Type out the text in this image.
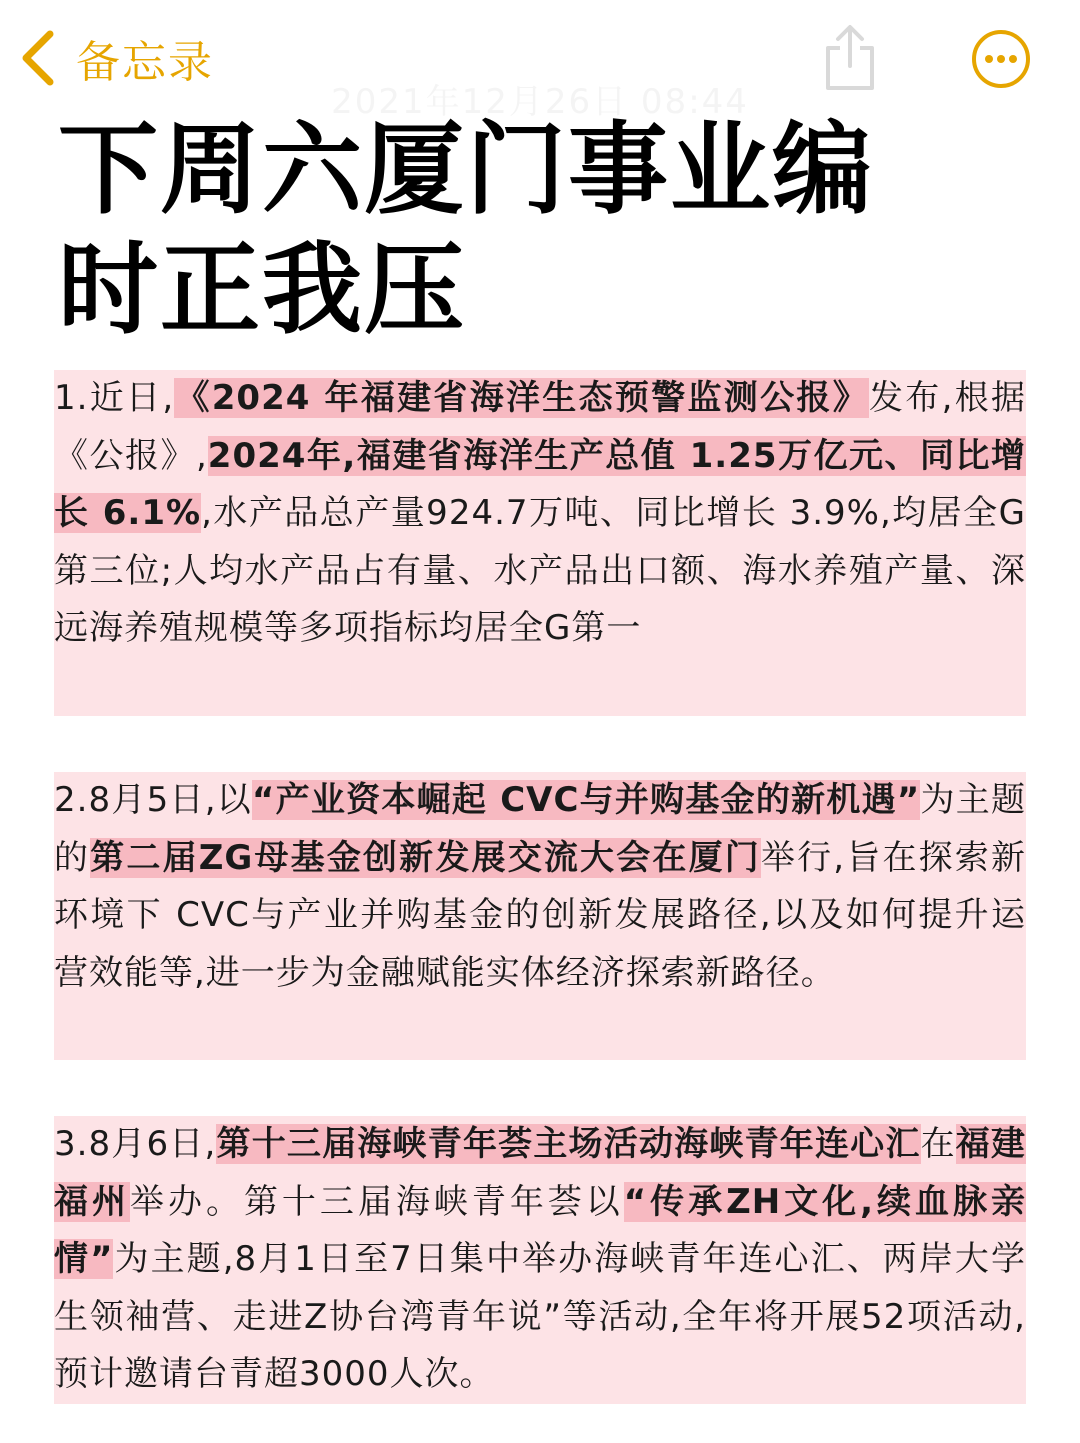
备忘录
2021年12月26日 08:44
下周六厦门事业编时正我压
1.近日,《2024 年福建省海洋生态预警监测公报》发布,根据《公报》,2024年,福建省海洋生产总值 1.25万亿元、同比增长 6.1%,水产品总产量924.7万吨、同比增长 3.9%,均居全G第三位;人均水产品占有量、水产品出口额、海水养殖产量、深远海养殖规模等多项指标均居全G第一
2.8月5日,以“产业资本崛起 CVC与并购基金的新机遇”为主题的第二届ZG母基金创新发展交流大会在厦门举行,旨在探索新环境下 CVC与产业并购基金的创新发展路径,以及如何提升运营效能等,进一步为金融赋能实体经济探索新路径。
3.8月6日,第十三届海峡青年荟主场活动海峡青年连心汇在福建福州举办。第十三届海峡青年荟以“传承ZH文化,续血脉亲情”为主题,8月1日至7日集中举办海峡青年连心汇、两岸大学生领袖营、走进Z协台湾青年说”等活动,全年将开展52项活动,预计邀请台青超3000人次。
